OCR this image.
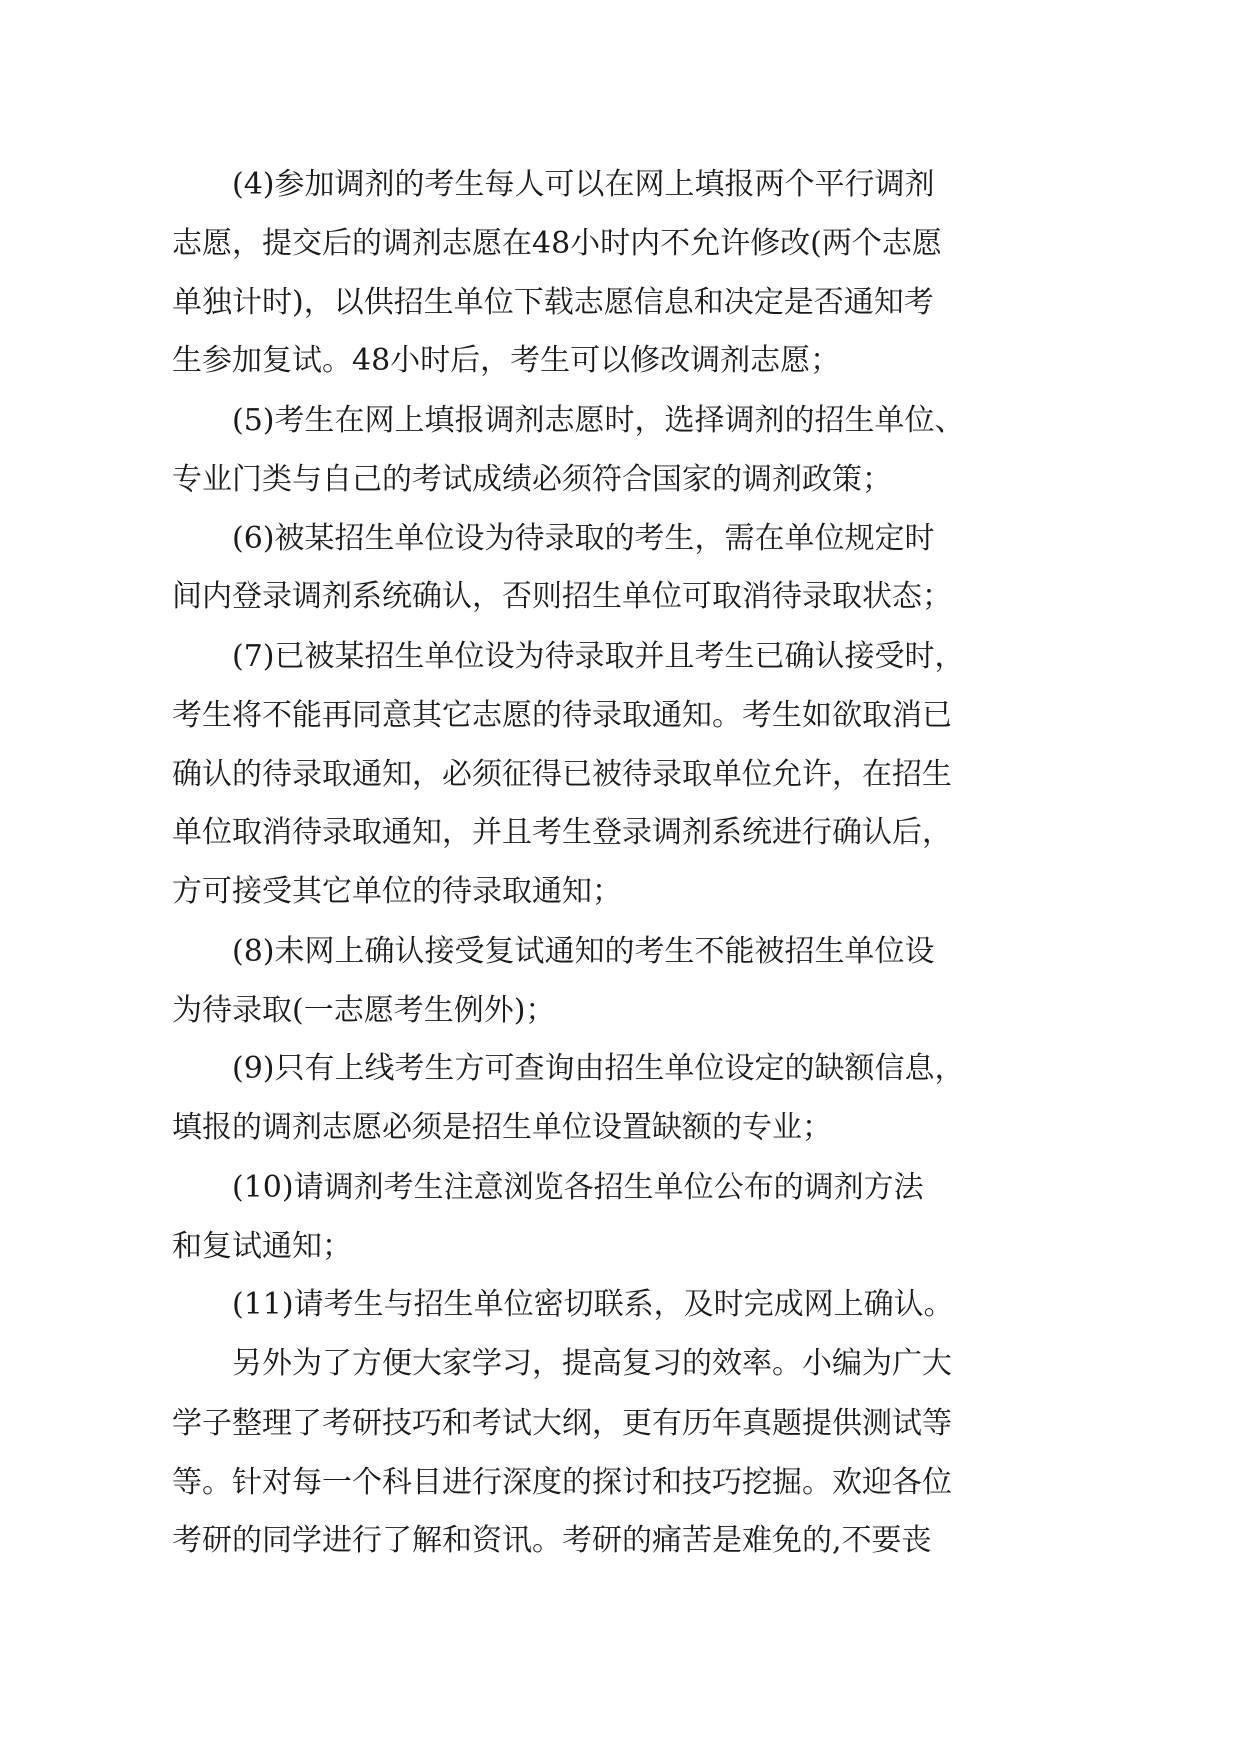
(4)参加调剂的考生每人可以在网上填报两个平行调剂
志愿，提交后的调剂志愿在48小时内不允许修改(两个志愿
单独计时)，以供招生单位下载志愿信息和决定是否通知考
生参加复试。48小时后，考生可以修改调剂志愿；
(5)考生在网上填报调剂志愿时，选择调剂的招生单位、
专业门类与自己的考试成绩必须符合国家的调剂政策；
(6)被某招生单位设为待录取的考生，需在单位规定时
间内登录调剂系统确认，否则招生单位可取消待录取状态；
(7)已被某招生单位设为待录取并且考生已确认接受时，
考生将不能再同意其它志愿的待录取通知。考生如欲取消已
确认的待录取通知，必须征得已被待录取单位允许，在招生
单位取消待录取通知，并且考生登录调剂系统进行确认后，
方可接受其它单位的待录取通知；
(8)未网上确认接受复试通知的考生不能被招生单位设
为待录取(一志愿考生例外)；
(9)只有上线考生方可查询由招生单位设定的缺额信息，
填报的调剂志愿必须是招生单位设置缺额的专业；
(10)请调剂考生注意浏览各招生单位公布的调剂方法
和复试通知；
(11)请考生与招生单位密切联系，及时完成网上确认。
另外为了方便大家学习，提高复习的效率。小编为广大
学子整理了考研技巧和考试大纲，更有历年真题提供测试等
等。针对每一个科目进行深度的探讨和技巧挖掘。欢迎各位
考研的同学进行了解和资讯。考研的痛苦是难免的,不要丧
